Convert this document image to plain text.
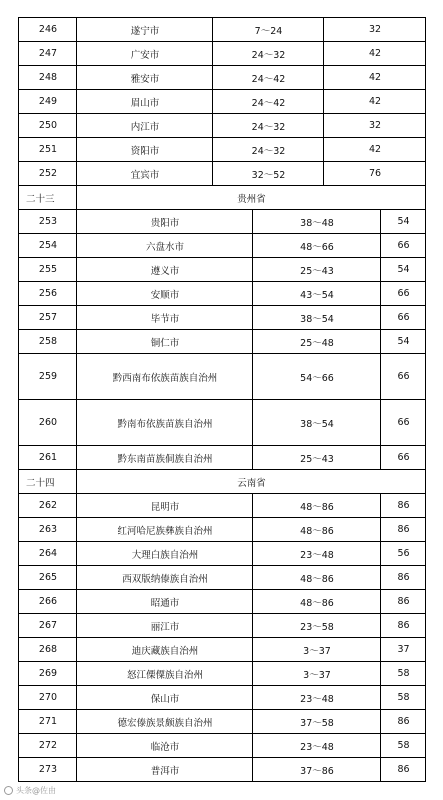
246	遂宁市	7～24	32
247	广安市	24～32	42
248	雅安市	24～42	42
249	眉山市	24～42	42
250	内江市	24～32	32
251	资阳市	24～32	42
252	宜宾市	32～52	76
二十三	贵州省
253	贵阳市	38～48	54
254	六盘水市	48～66	66
255	遵义市	25～43	54
256	安顺市	43～54	66
257	毕节市	38～54	66
258	铜仁市	25～48	54
259	黔西南布依族苗族自治州	54～66	66
260	黔南布依族苗族自治州	38～54	66
261	黔东南苗族侗族自治州	25～43	66
二十四	云南省
262	昆明市	48～86	86
263	红河哈尼族彝族自治州	48～86	86
264	大理白族自治州	23～48	56
265	西双版纳傣族自治州	48～86	86
266	昭通市	48～86	86
267	丽江市	23～58	86
268	迪庆藏族自治州	3～37	37
269	怒江傈僳族自治州	3～37	58
270	保山市	23～48	58
271	德宏傣族景颇族自治州	37～58	86
272	临沧市	23～48	58
273	普洱市	37～86	86
头条@佐由
